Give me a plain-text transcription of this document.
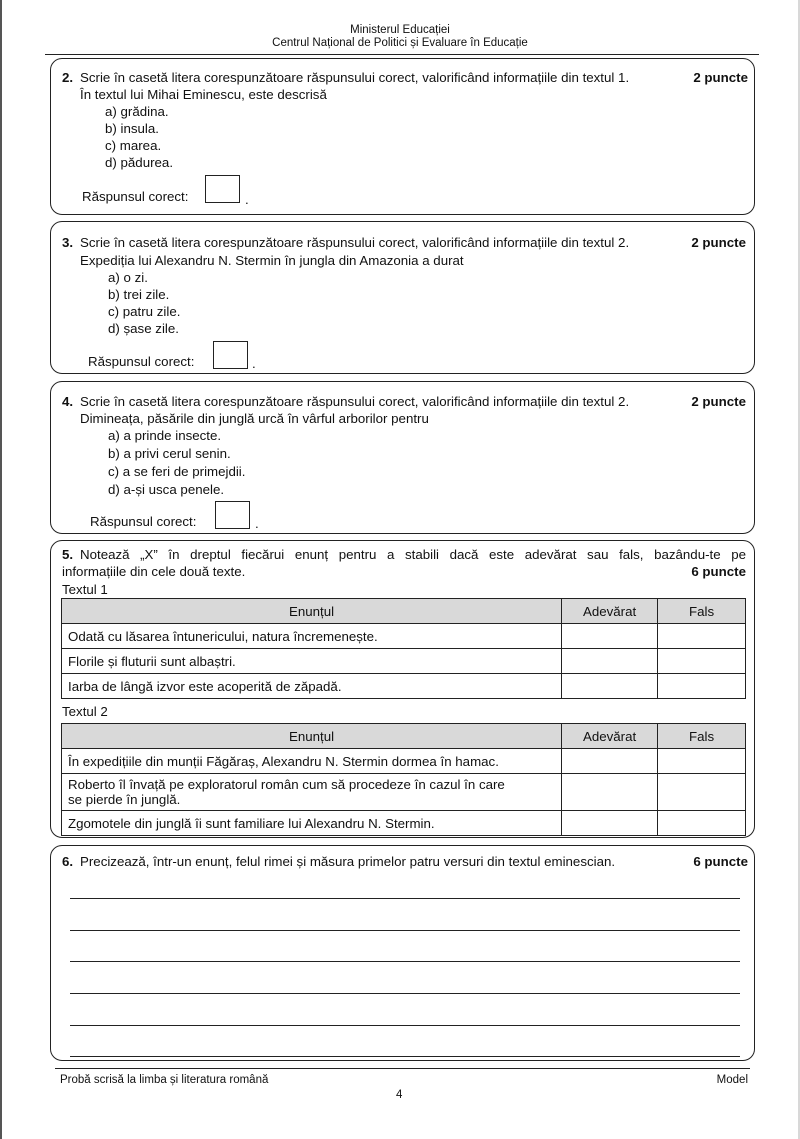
Ministerul Educației
Centrul Național de Politici și Evaluare în Educație
2. Scrie în casetă litera corespunzătoare răspunsului corect, valorificând informațiile din textul 1.	2 puncte
În textul lui Mihai Eminescu, este descrisă
a) grădina.
b) insula.
c) marea.
d) pădurea.
Răspunsul corect:	.
3. Scrie în casetă litera corespunzătoare răspunsului corect, valorificând informațiile din textul 2.	2 puncte
Expediția lui Alexandru N. Stermin în jungla din Amazonia a durat
a) o zi.
b) trei zile.
c) patru zile.
d) șase zile.
Răspunsul corect:	.
4. Scrie în casetă litera corespunzătoare răspunsului corect, valorificând informațiile din textul 2.	2 puncte
Dimineața, păsările din junglă urcă în vârful arborilor pentru
a) a prinde insecte.
b) a privi cerul senin.
c) a se feri de primejdii.
d) a-și usca penele.
Răspunsul corect:	.
5. Notează „X” în dreptul fiecărui enunț pentru a stabili dacă este adevărat sau fals, bazându-te pe
informațiile din cele două texte.	6 puncte
Textul 1
Enunțul	Adevărat	Fals
Odată cu lăsarea întunericului, natura încremenește.		
Florile și fluturii sunt albaștri.		
Iarba de lângă izvor este acoperită de zăpadă.		
Textul 2
Enunțul	Adevărat	Fals
În expedițiile din munții Făgăraș, Alexandru N. Stermin dormea în hamac.		
Roberto îl învață pe exploratorul român cum să procedeze în cazul în care se pierde în junglă.		
Zgomotele din junglă îi sunt familiare lui Alexandru N. Stermin.		
6. Precizează, într-un enunț, felul rimei și măsura primelor patru versuri din textul eminescian.	6 puncte
Probă scrisă la limba și literatura română	Model
4
